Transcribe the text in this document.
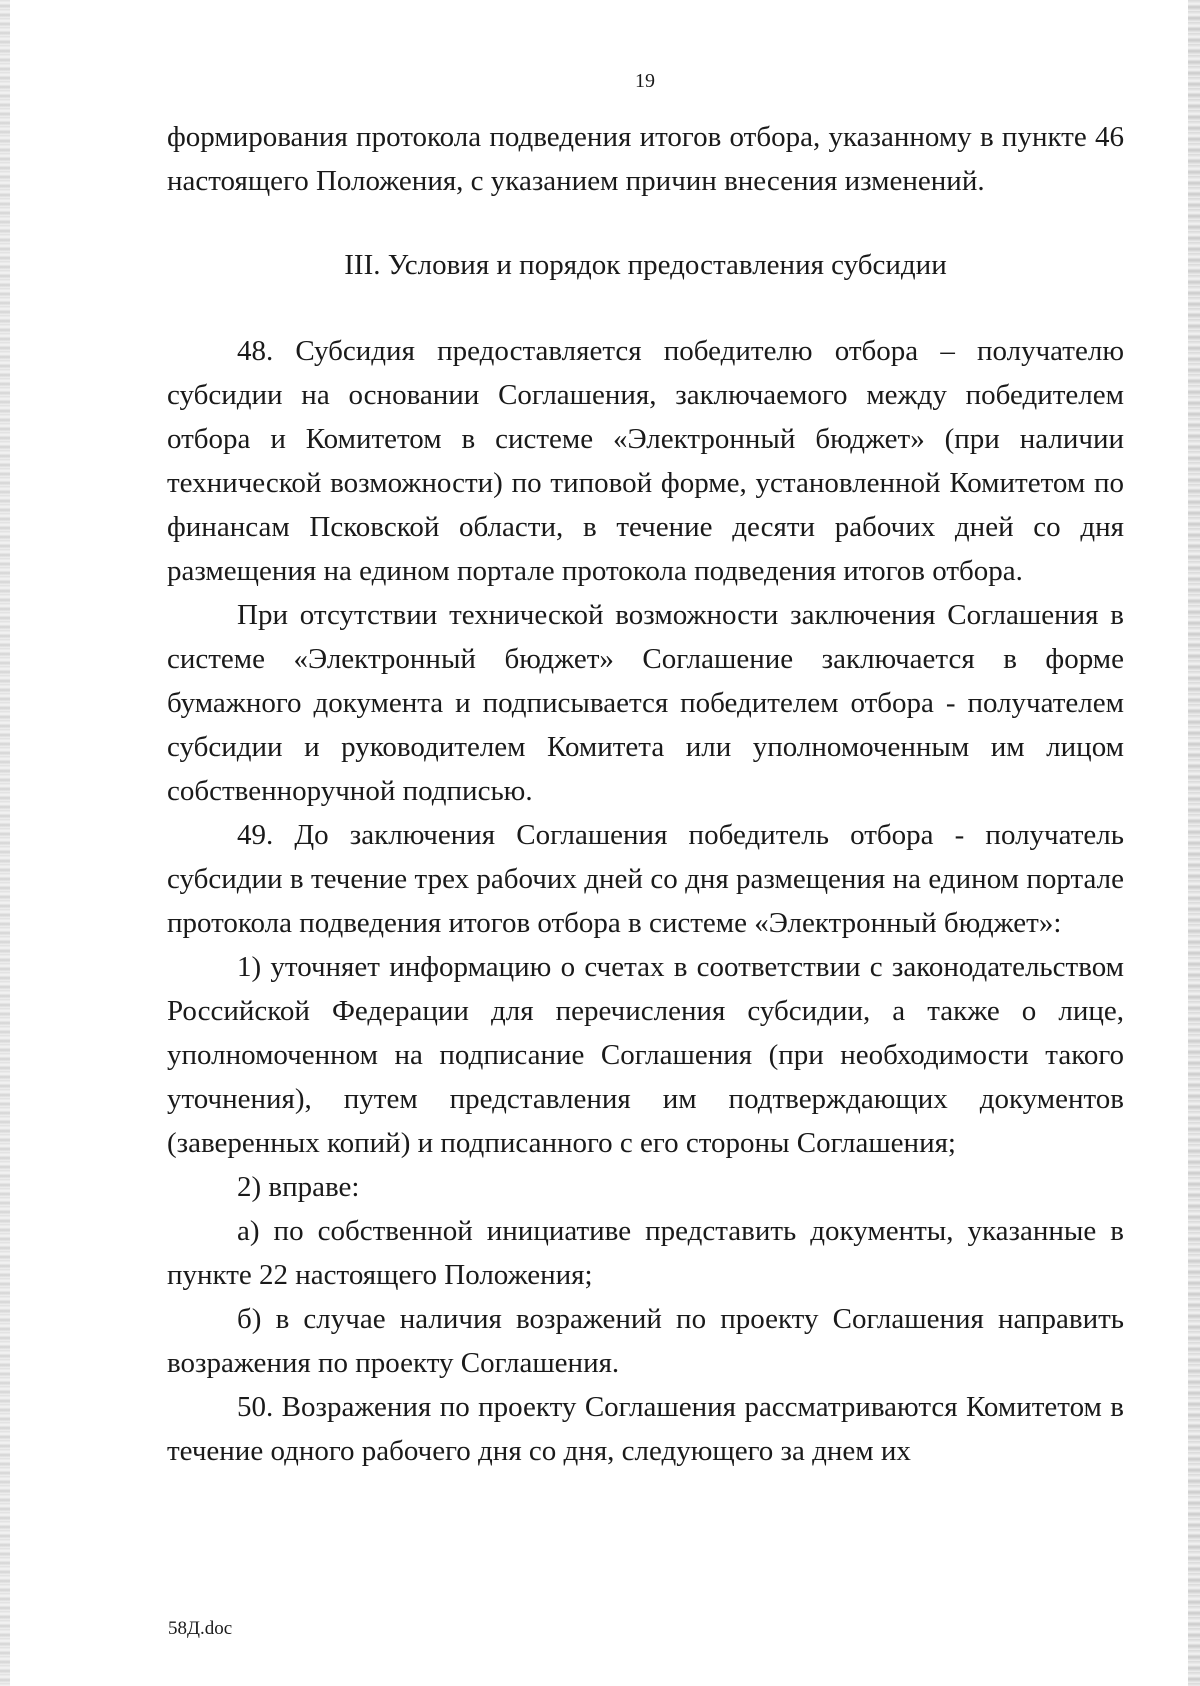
19

формирования протокола подведения итогов отбора, указанному в пункте 46 настоящего Положения, с указанием причин внесения изменений.

III. Условия и порядок предоставления субсидии

48. Субсидия предоставляется победителю отбора – получателю субсидии на основании Соглашения, заключаемого между победителем отбора и Комитетом в системе «Электронный бюджет» (при наличии технической возможности) по типовой форме, установленной Комитетом по финансам Псковской области, в течение десяти рабочих дней со дня размещения на едином портале протокола подведения итогов отбора.

При отсутствии технической возможности заключения Соглашения в системе «Электронный бюджет» Соглашение заключается в форме бумажного документа и подписывается победителем отбора - получателем субсидии и руководителем Комитета или уполномоченным им лицом собственноручной подписью.

49. До заключения Соглашения победитель отбора - получатель субсидии в течение трех рабочих дней со дня размещения на едином портале протокола подведения итогов отбора в системе «Электронный бюджет»:

1) уточняет информацию о счетах в соответствии с законодательством Российской Федерации для перечисления субсидии, а также о лице, уполномоченном на подписание Соглашения (при необходимости такого уточнения), путем представления им подтверждающих документов (заверенных копий) и подписанного с его стороны Соглашения;

2) вправе:

а) по собственной инициативе представить документы, указанные в пункте 22 настоящего Положения;

б) в случае наличия возражений по проекту Соглашения направить возражения по проекту Соглашения.

50. Возражения по проекту Соглашения рассматриваются Комитетом в течение одного рабочего дня со дня, следующего за днем их

58Д.doc
